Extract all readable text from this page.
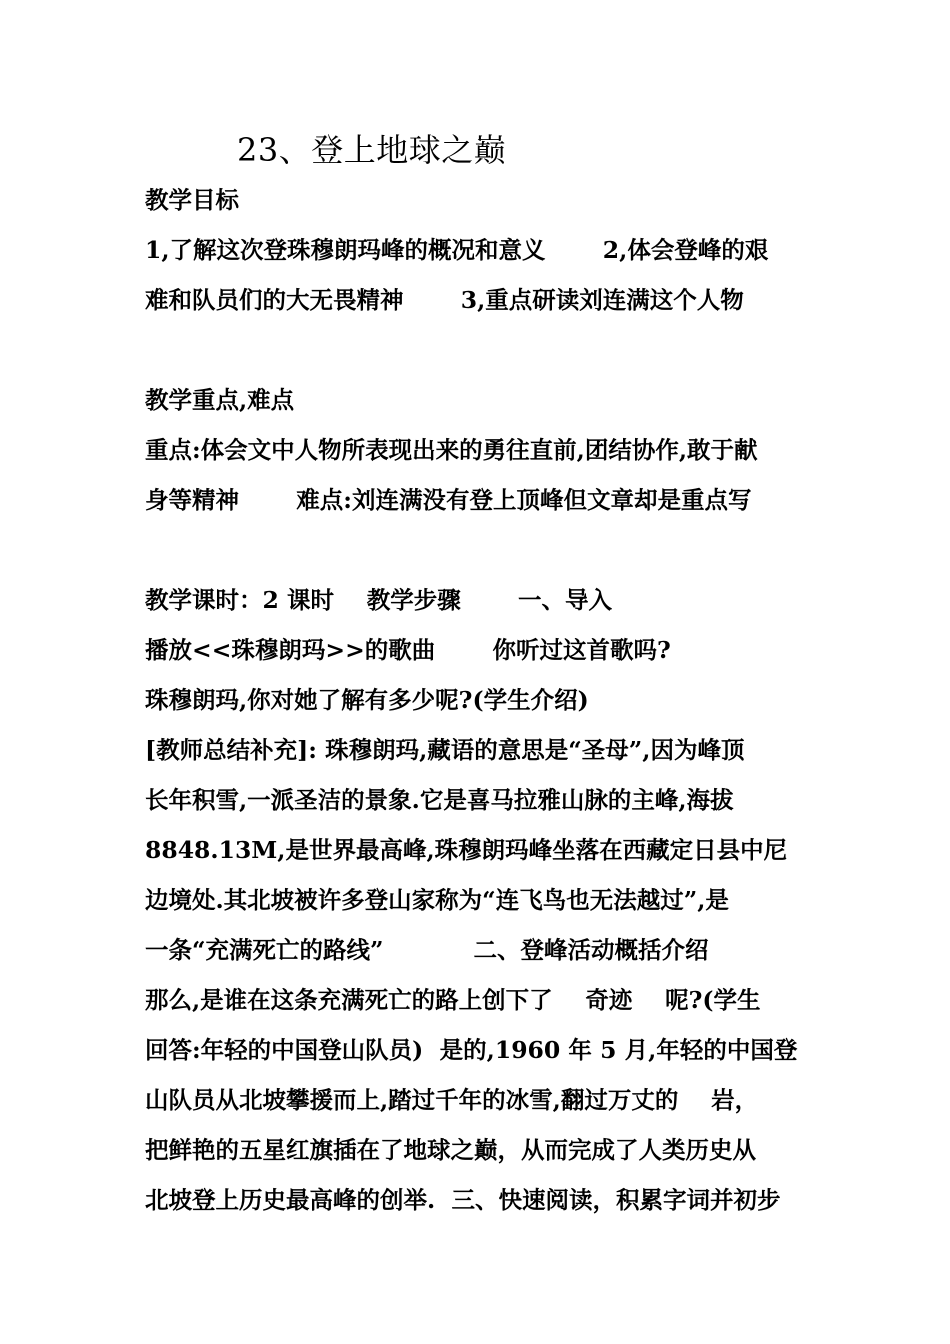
23、登上地球之巅
教学目标
1,了解这次登珠穆朗玛峰的概况和意义       2,体会登峰的艰
难和队员们的大无畏精神       3,重点研读刘连满这个人物
教学重点,难点
重点:体会文中人物所表现出来的勇往直前,团结协作,敢于献
身等精神       难点:刘连满没有登上顶峰但文章却是重点写
教学课时：2 课时    教学步骤       一、导入
播放<<珠穆朗玛>>的歌曲       你听过这首歌吗?
珠穆朗玛,你对她了解有多少呢?(学生介绍)
[教师总结补充]: 珠穆朗玛,藏语的意思是“圣母”,因为峰顶
长年积雪,一派圣洁的景象.它是喜马拉雅山脉的主峰,海拔
8848.13M,是世界最高峰,珠穆朗玛峰坐落在西藏定日县中尼
边境处.其北坡被许多登山家称为“连飞鸟也无法越过”,是
一条“充满死亡的路线”           二、登峰活动概括介绍
那么,是谁在这条充满死亡的路上创下了    奇迹    呢?(学生
回答:年轻的中国登山队员)  是的,1960 年 5 月,年轻的中国登
山队员从北坡攀援而上,踏过千年的冰雪,翻过万丈的    岩，
把鲜艳的五星红旗插在了地球之巅，从而完成了人类历史从
北坡登上历史最高峰的创举.  三、快速阅读，积累字词并初步
